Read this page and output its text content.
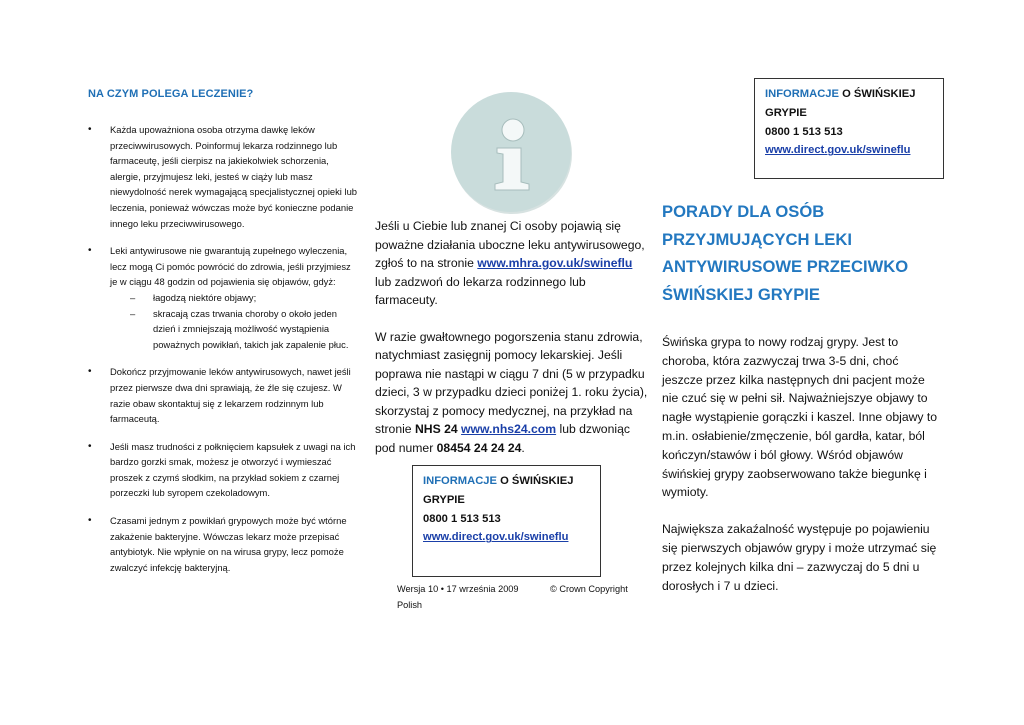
NA CZYM POLEGA LECZENIE?
• Każda upoważniona osoba otrzyma dawkę leków przeciwwirusowych. Poinformuj lekarza rodzinnego lub farmaceutę, jeśli cierpisz na jakiekolwiek schorzenia, alergie, przyjmujesz leki, jesteś w ciąży lub masz niewydolność nerek wymagającą specjalistycznej opieki lub leczenia, ponieważ wówczas może być konieczne podanie innego leku przeciwwirusowego.
• Leki antywirusowe nie gwarantują zupełnego wyleczenia, lecz mogą Ci pomóc powrócić do zdrowia, jeśli przyjmiesz je w ciągu 48 godzin od pojawienia się objawów, gdyż:
– łagodzą niektóre objawy;
– skracają czas trwania choroby o około jeden dzień i zmniejszają możliwość wystąpienia poważnych powikłań, takich jak zapalenie płuc.
• Dokończ przyjmowanie leków antywirusowych, nawet jeśli przez pierwsze dwa dni sprawiają, że źle się czujesz. W razie obaw skontaktuj się z lekarzem rodzinnym lub farmaceutą.
• Jeśli masz trudności z połknięciem kapsułek z uwagi na ich bardzo gorzki smak, możesz je otworzyć i wymieszać proszek z czymś słodkim, na przykład sokiem z czarnej porzeczki lub syropem czekoladowym.
• Czasami jednym z powikłań grypowych może być wtórne zakażenie bakteryjne. Wówczas lekarz może przepisać antybiotyk. Nie wpłynie on na wirusa grypy, lecz pomoże zwalczyć infekcję bakteryjną.

Jeśli u Ciebie lub znanej Ci osoby pojawią się poważne działania uboczne leku antywirusowego, zgłoś to na stronie www.mhra.gov.uk/swineflu lub zadzwoń do lekarza rodzinnego lub farmaceuty.

W razie gwałtownego pogorszenia stanu zdrowia, natychmiast zasięgnij pomocy lekarskiej. Jeśli poprawa nie nastąpi w ciągu 7 dni (5 w przypadku dzieci, 3 w przypadku dzieci poniżej 1. roku życia), skorzystaj z pomocy medycznej, na przykład na stronie NHS 24 www.nhs24.com lub dzwoniąc pod numer 08454 24 24 24.

INFORMACJE O ŚWIŃSKIEJ
GRYPIE
0800 1 513 513
www.direct.gov.uk/swineflu
Wersja 10 • 17 września 2009	© Crown Copyright
Polish
INFORMACJE O ŚWIŃSKIEJ
GRYPIE
0800 1 513 513
www.direct.gov.uk/swineflu
PORADY DLA OSÓB PRZYJMUJĄCYCH LEKI ANTYWIRUSOWE PRZECIWKO ŚWIŃSKIEJ GRYPIE

Świńska grypa to nowy rodzaj grypy. Jest to choroba, która zazwyczaj trwa 3-5 dni, choć jeszcze przez kilka następnych dni pacjent może nie czuć się w pełni sił. Najważniejszye objawy to nagłe wystąpienie gorączki i kaszel. Inne objawy to m.in. osłabienie/zmęczenie, ból gardła, katar, ból kończyn/stawów i ból głowy. Wśród objawów świńskiej grypy zaobserwowano także biegunkę i wymioty.

Największa zakaźalność występuje po pojawieniu się pierwszych objawów grypy i może utrzymać się przez kolejnych kilka dni – zazwyczaj do 5 dni u dorosłych i 7 u dzieci.
